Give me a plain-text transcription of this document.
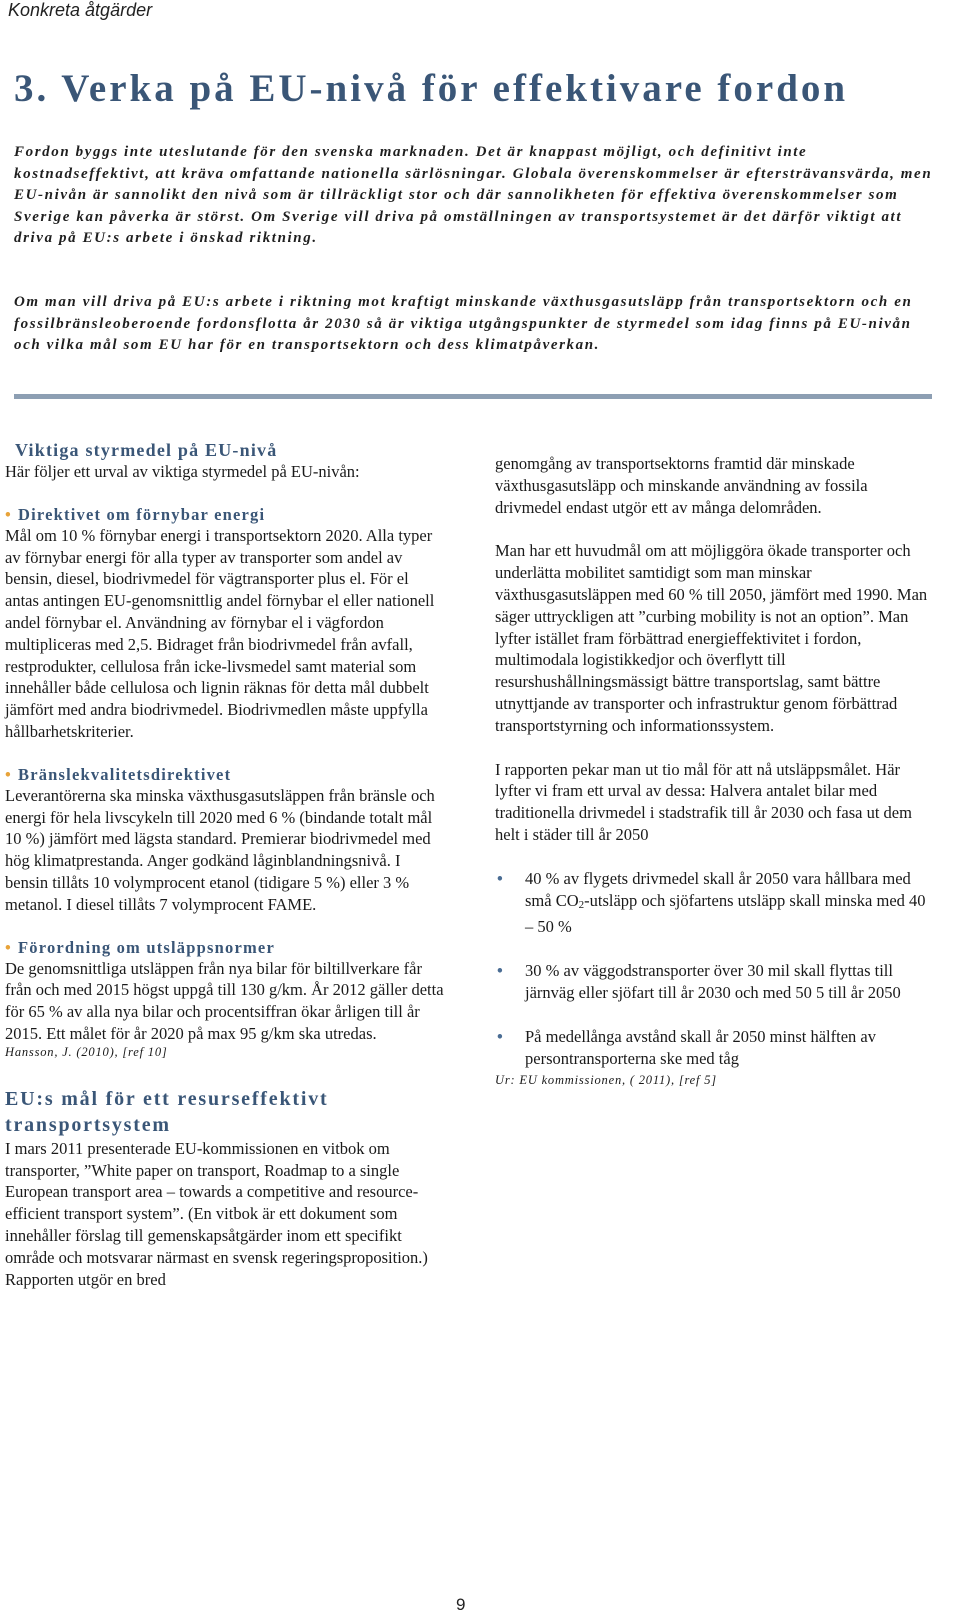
Konkreta åtgärder
3. Verka på EU-nivå för effektivare fordon

Fordon byggs inte uteslutande för den svenska marknaden. Det är knappast möjligt, och definitivt inte kostnadseffektivt, att kräva omfattande nationella särlösningar. Globala överenskommelser är eftersträvansvärda, men EU-nivån är sannolikt den nivå som är tillräckligt stor och där sannolikheten för effektiva överenskommelser som Sverige kan påverka är störst. Om Sverige vill driva på omställningen av transportsystemet är det därför viktigt att driva på EU:s arbete i önskad riktning.

Om man vill driva på EU:s arbete i riktning mot kraftigt minskande växthusgasutsläpp från transportsektorn och en fossilbränsleoberoende fordonsflotta år 2030 så är viktiga utgångspunkter de styrmedel som idag finns på EU-nivån och vilka mål som EU har för en transportsektorn och dess klimatpåverkan.

Viktiga styrmedel på EU-nivå

Här följer ett urval av viktiga styrmedel på EU-nivån:

• Direktivet om förnybar energi

Mål om 10 % förnybar energi i transportsektorn 2020. Alla typer av förnybar energi för alla typer av transporter som andel av bensin, diesel, biodrivmedel för vägtransporter plus el. För el antas antingen EU-genomsnittlig andel förnybar el eller nationell andel förnybar el. Användning av förnybar el i vägfordon multipliceras med 2,5. Bidraget från biodrivmedel från avfall, restprodukter, cellulosa från icke-livsmedel samt material som innehåller både cellulosa och lignin räknas för detta mål dubbelt jämfört med andra biodrivmedel. Biodrivmedlen måste uppfylla hållbarhetskriterier.

• Bränslekvalitetsdirektivet

Leverantörerna ska minska växthusgasutsläppen från bränsle och energi för hela livscykeln till 2020 med 6 % (bindande totalt mål 10 %) jämfört med lägsta standard. Premierar biodrivmedel med hög klimatprestanda. Anger godkänd låginblandningsnivå. I bensin tillåts 10 volymprocent etanol (tidigare 5 %) eller 3 % metanol. I diesel tillåts 7 volymprocent FAME.

• Förordning om utsläppsnormer

De genomsnittliga utsläppen från nya bilar för biltillverkare får från och med 2015 högst uppgå till 130 g/km. År 2012 gäller detta för 65 % av alla nya bilar och procentsiffran ökar årligen till år 2015. Ett målet för år 2020 på max 95 g/km ska utredas.

Hansson, J. (2010), [ref 10]

EU:s mål för ett resurseffektivt transportsystem

I mars 2011 presenterade EU-kommissionen en vitbok om transporter, ”White paper on transport, Roadmap to a single European transport area – towards a competitive and resource-efficient transport system”. (En vitbok är ett dokument som innehåller förslag till gemenskapsåtgärder inom ett specifikt område och motsvarar närmast en svensk regeringsproposition.) Rapporten utgör en bred

genomgång av transportsektorns framtid där minskade växthusgasutsläpp och minskande användning av fossila drivmedel endast utgör ett av många delområden.

Man har ett huvudmål om att möjliggöra ökade transporter och underlätta mobilitet samtidigt som man minskar växthusgasutsläppen med 60 % till 2050, jämfört med 1990. Man säger uttryckligen att ”curbing mobility is not an option”. Man lyfter istället fram förbättrad energieffektivitet i fordon, multimodala logistikkedjor och överflytt till resurshushållningsmässigt bättre transportslag, samt bättre utnyttjande av transporter och infrastruktur genom förbättrad transportstyrning och informationssystem.

I rapporten pekar man ut tio mål för att nå utsläppsmålet. Här lyfter vi fram ett urval av dessa: Halvera antalet bilar med traditionella drivmedel i stadstrafik till år 2030 och fasa ut dem helt i städer till år 2050

• 40 % av flygets drivmedel skall år 2050 vara hållbara med små $CO_2$-utsläpp och sjöfartens utsläpp skall minska med 40 – 50 %
• 30 % av väggodstransporter över 30 mil skall flyttas till järnväg eller sjöfart till år 2030 och med 50 5 till år 2050
• På medellånga avstånd skall år 2050 minst hälften av persontransporterna ske med tåg

Ur: EU kommissionen, ( 2011), [ref 5]

9
